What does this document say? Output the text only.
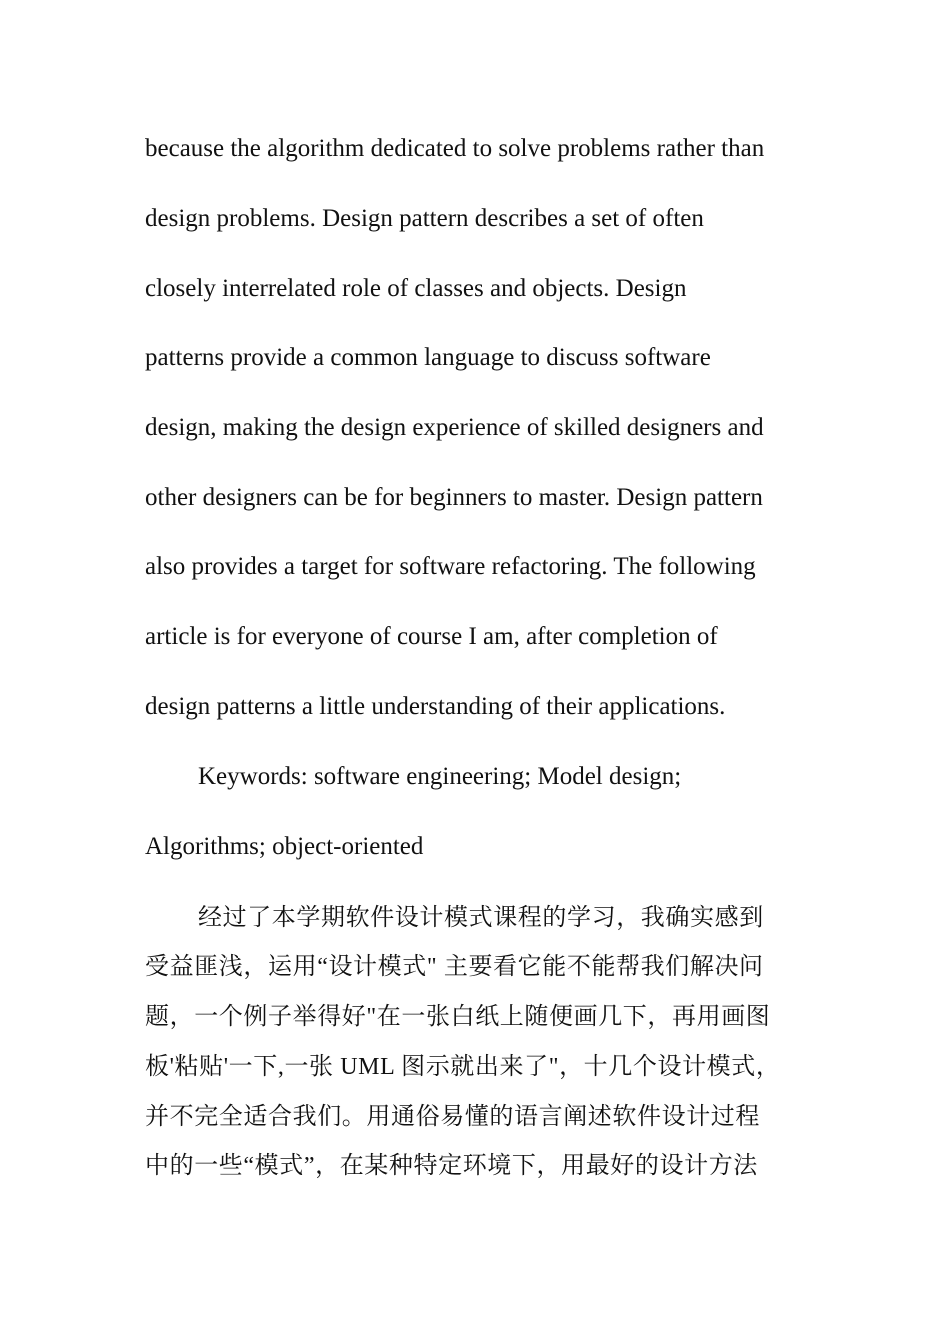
because the algorithm dedicated to solve problems rather than
design problems. Design pattern describes a set of often
closely interrelated role of classes and objects. Design
patterns provide a common language to discuss software
design, making the design experience of skilled designers and
other designers can be for beginners to master. Design pattern
also provides a target for software refactoring. The following
article is for everyone of course I am, after completion of
design patterns a little understanding of their applications.
Keywords: software engineering; Model design;
Algorithms; object-oriented
经过了本学期软件设计模式课程的学习，我确实感到
受益匪浅，运用“设计模式" 主要看它能不能帮我们解决问
题，一个例子举得好"在一张白纸上随便画几下，再用画图
板'粘贴'一下,一张 UML 图示就出来了"，十几个设计模式，
并不完全适合我们。用通俗易懂的语言阐述软件设计过程
中的一些“模式”，在某种特定环境下，用最好的设计方法
